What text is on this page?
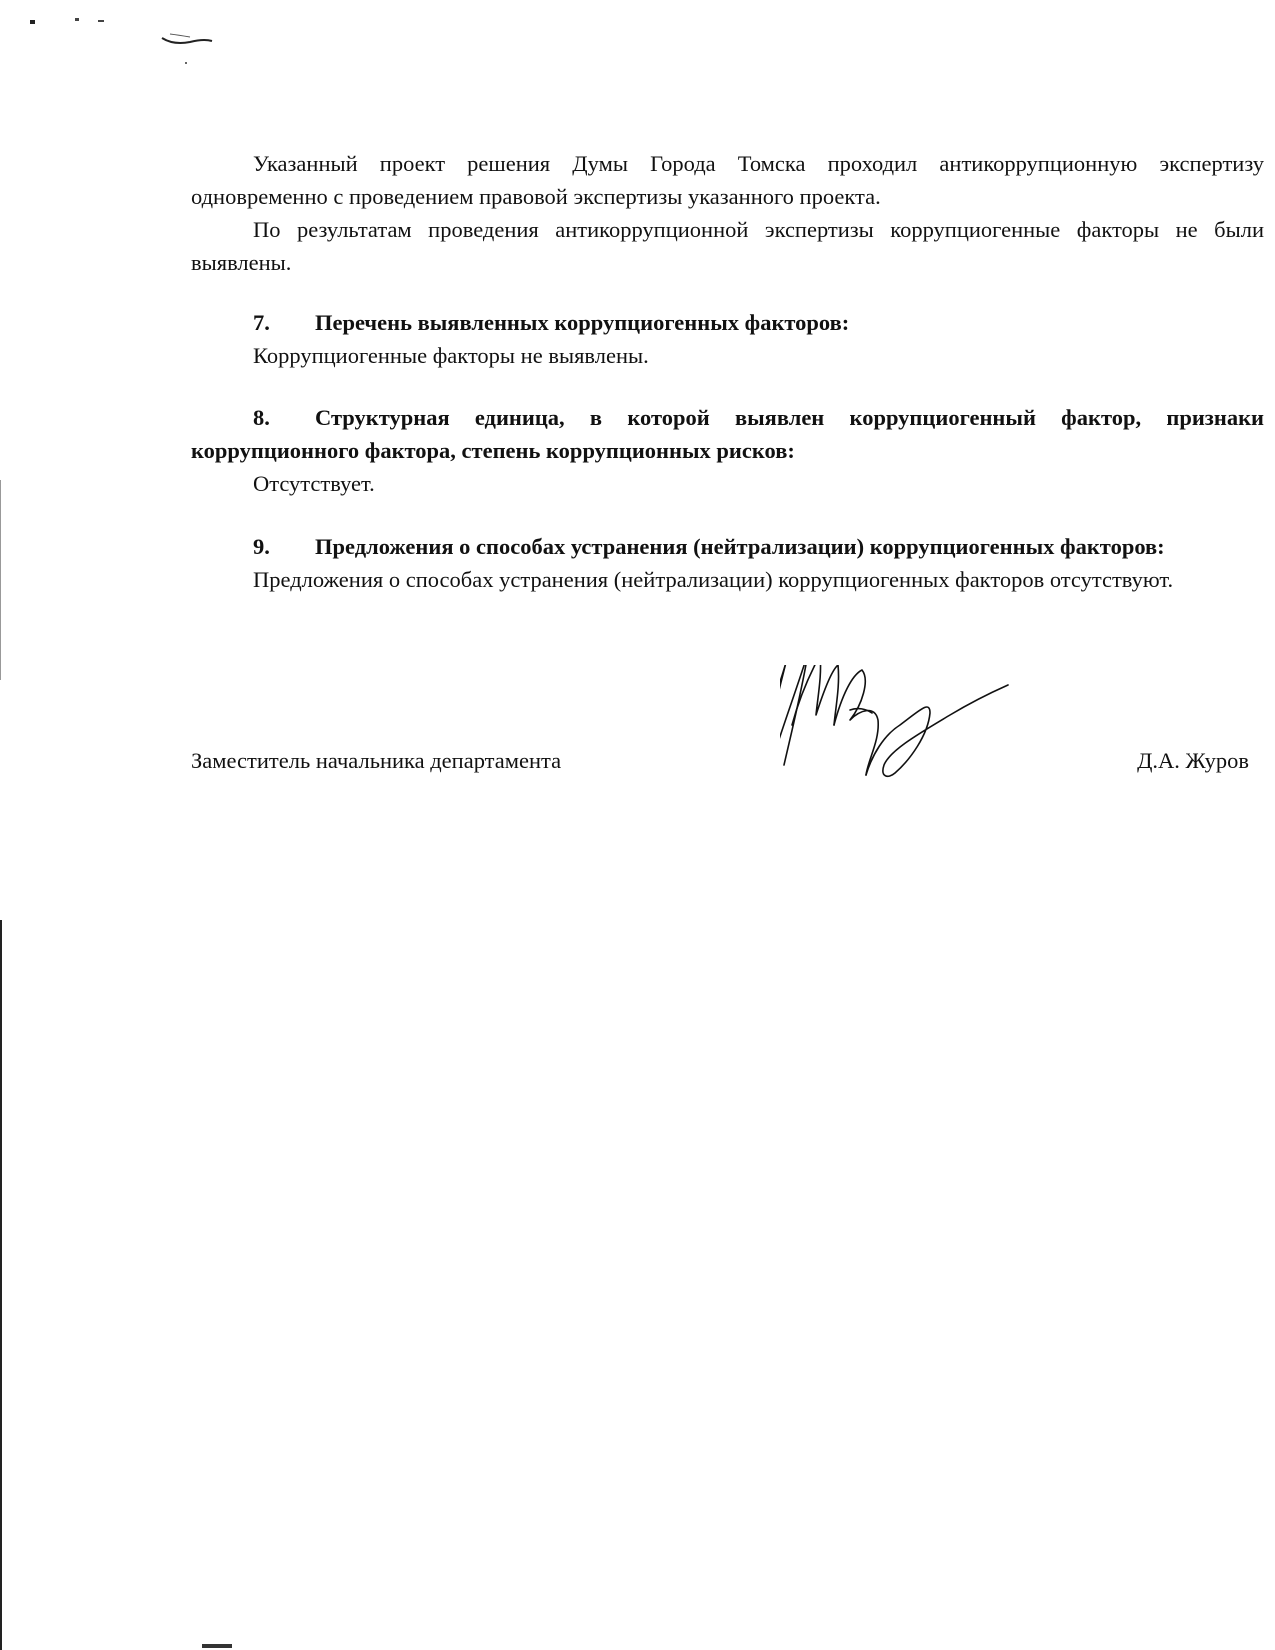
Указанный проект решения Думы Города Томска проходил антикоррупционную экспертизу одновременно с проведением правовой экспертизы указанного проекта.

По результатам проведения антикоррупционной экспертизы коррупциогенные факторы не были выявлены.

7. Перечень выявленных коррупциогенных факторов:

Коррупциогенные факторы не выявлены.

8. Структурная единица, в которой выявлен коррупциогенный фактор, признаки коррупционного фактора, степень коррупционных рисков:

Отсутствует.

9. Предложения о способах устранения (нейтрализации) коррупциогенных факторов:

Предложения о способах устранения (нейтрализации) коррупциогенных факторов отсутствуют.

Заместитель начальника департамента	Д.А. Журов
